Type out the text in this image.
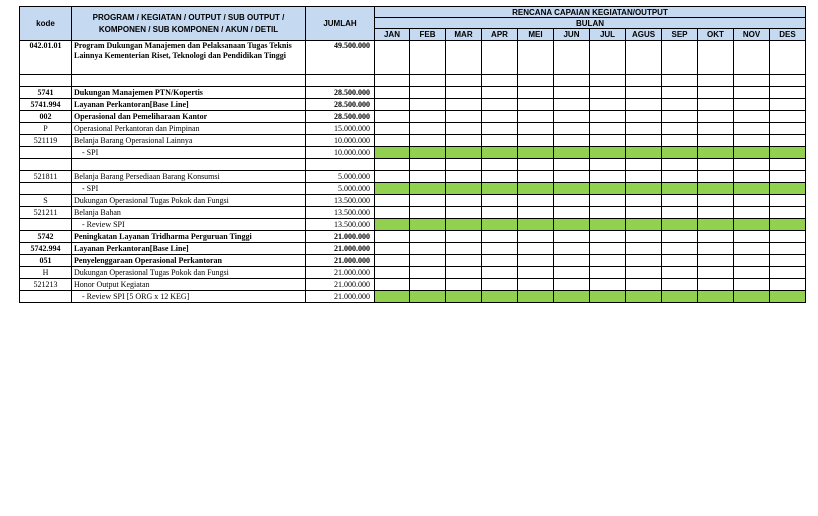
kode	PROGRAM / KEGIATAN / OUTPUT / SUB OUTPUT /
KOMPONEN / SUB KOMPONEN / AKUN / DETIL	JUMLAH	RENCANA CAPAIAN KEGIATAN/OUTPUT											
			BULAN											
			JAN	FEB	MAR	APR	MEI	JUN	JUL	AGUS	SEP	OKT	NOV	DES
042.01.01	Program Dukungan Manajemen dan Pelaksanaan Tugas Teknis Lainnya Kementerian Riset, Teknologi dan Pendidikan Tinggi	49.500.000												

5741	Dukungan Manajemen PTN/Kopertis	28.500.000												
5741.994	Layanan Perkantoran[Base Line]	28.500.000												
002	Operasional dan Pemeliharaan Kantor	28.500.000												
P	Operasional Perkantoran dan Pimpinan	15.000.000												
521119	Belanja Barang Operasional Lainnya	10.000.000												
	- SPI	10.000.000												

521811	Belanja Barang Persediaan Barang Konsumsi	5.000.000												
	- SPI	5.000.000												
S	Dukungan Operasional Tugas Pokok dan Fungsi	13.500.000												
521211	Belanja Bahan	13.500.000												
	- Review SPI	13.500.000												
5742	Peningkatan Layanan Tridharma Perguruan Tinggi	21.000.000												
5742.994	Layanan Perkantoran[Base Line]	21.000.000												
051	Penyelenggaraan Operasional Perkantoran	21.000.000												
H	Dukungan Operasional Tugas Pokok dan Fungsi	21.000.000												
521213	Honor Output Kegiatan	21.000.000												
	- Review SPI [5 ORG x 12 KEG]	21.000.000												
